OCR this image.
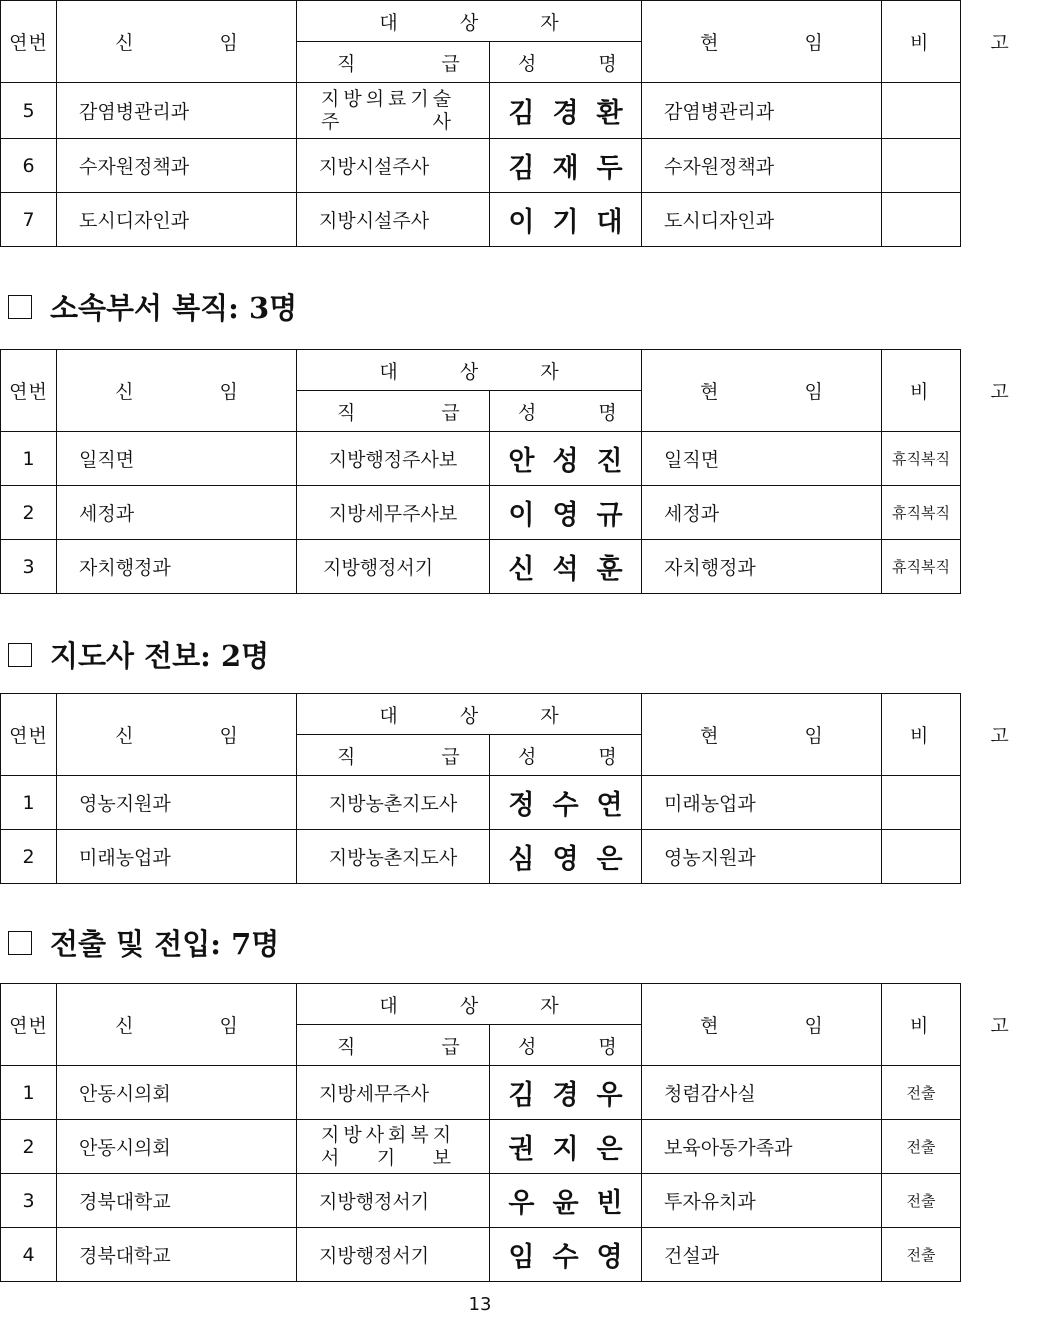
연번	신 임	대 상 자		현 임	비 고
		직 급	성 명		
5	감염병관리과	지방의료기술
주 사	김경환	감염병관리과	
6	수자원정책과	지방시설주사	김재두	수자원정책과	
7	도시디자인과	지방시설주사	이기대	도시디자인과	
소속부서 복직: 3명
연번	신 임	대 상 자		현 임	비 고
		직 급	성 명		
1	일직면	지방행정주사보	안성진	일직면	휴직복직
2	세정과	지방세무주사보	이영규	세정과	휴직복직
3	자치행정과	지방행정서기	신석훈	자치행정과	휴직복직
지도사 전보: 2명
연번	신 임	대 상 자		현 임	비 고
		직 급	성 명		
1	영농지원과	지방농촌지도사	정수연	미래농업과	
2	미래농업과	지방농촌지도사	심영은	영농지원과	
전출 및 전입: 7명
연번	신 임	대 상 자		현 임	비 고
		직 급	성 명		
1	안동시의회	지방세무주사	김경우	청렴감사실	전출
2	안동시의회	지방사회복지
서 기 보	권지은	보육아동가족과	전출
3	경북대학교	지방행정서기	우윤빈	투자유치과	전출
4	경북대학교	지방행정서기	임수영	건설과	전출
13
